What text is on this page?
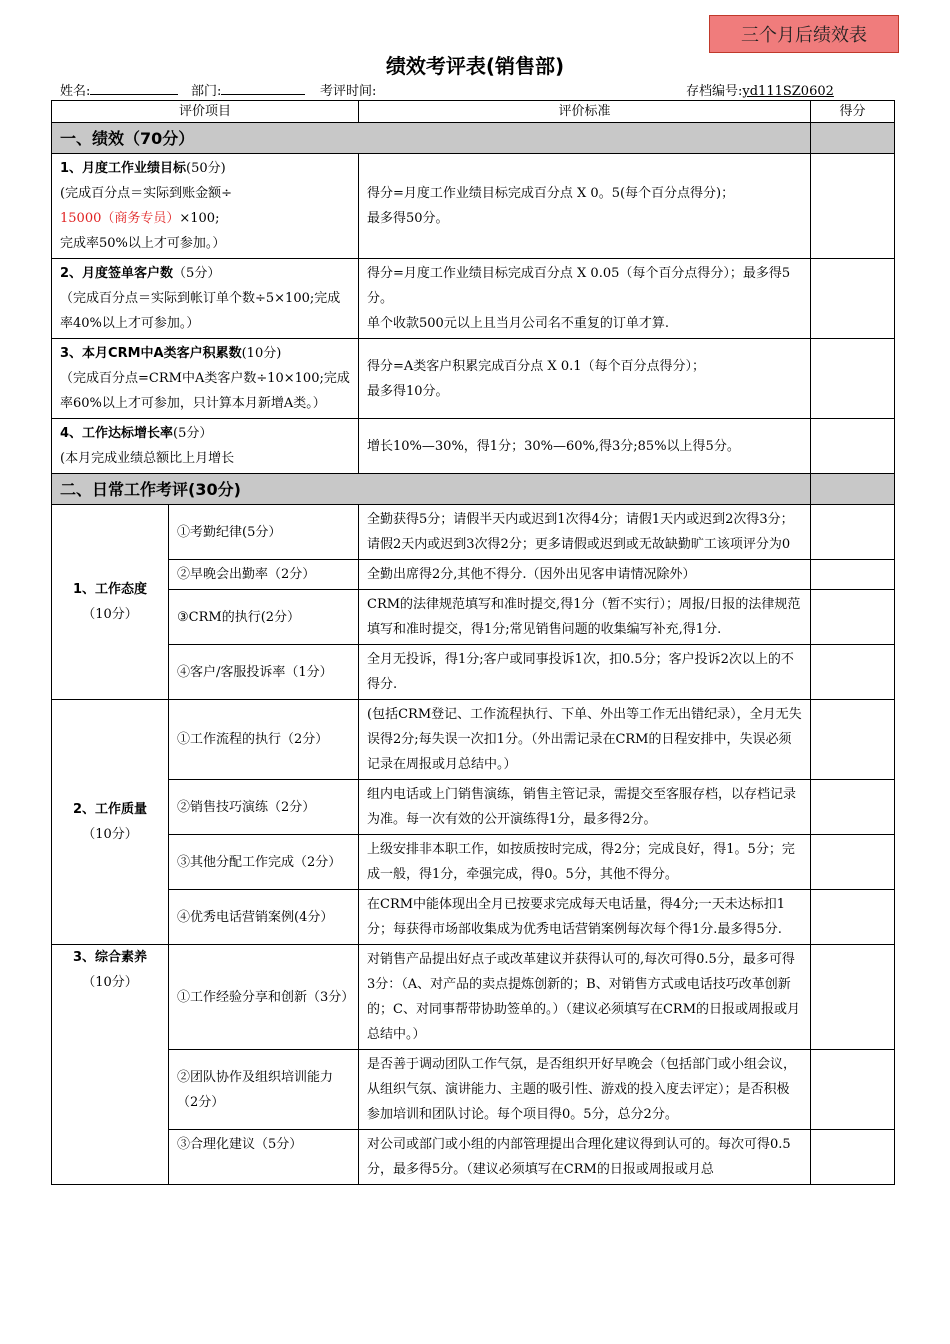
三个月后绩效表
绩效考评表(销售部)
姓名:	部门:	考评时间:	存档编号:yd111SZ0602
评价项目		评价标准	得分
一、绩效（70分）			
1、月度工作业绩目标(50分)
(完成百分点＝实际到账金额÷15000（商务专员）×100;
完成率50%以上才可参加。）		得分=月度工作业绩目标完成百分点 X 0。5(每个百分点得分)；
最多得50分。	
2、月度签单客户数（5分）
（完成百分点＝实际到帐订单个数÷5×100;完成率40%以上才可参加。）		得分=月度工作业绩目标完成百分点 X 0.05（每个百分点得分）；最多得5分。
单个收款500元以上且当月公司名不重复的订单才算.	
3、本月CRM中A类客户积累数(10分)
（完成百分点=CRM中A类客户数÷10×100;完成率60%以上才可参加，只计算本月新增A类。）		得分=A类客户积累完成百分点 X 0.1（每个百分点得分）；
最多得10分。	
4、工作达标增长率(5分）
(本月完成业绩总额比上月增长		增长10%—30%，得1分；30%—60%,得3分;85%以上得5分。	
二、日常工作考评(30分)			
1、工作态度
（10分）	①考勤纪律(5分）	全勤获得5分；请假半天内或迟到1次得4分；请假1天内或迟到2次得3分；请假2天内或迟到3次得2分；更多请假或迟到或无故缺勤旷工该项评分为0	
	②早晚会出勤率（2分）	全勤出席得2分,其他不得分.（因外出见客申请情况除外）	
	③CRM的执行(2分）	CRM的法律规范填写和准时提交,得1分（暂不实行）；周报/日报的法律规范填写和准时提交，得1分;常见销售问题的收集编写补充,得1分.	
	④客户/客服投诉率（1分）	全月无投诉，得1分;客户或同事投诉1次，扣0.5分；客户投诉2次以上的不得分.	
2、工作质量
（10分）	①工作流程的执行（2分）	(包括CRM登记、工作流程执行、下单、外出等工作无出错纪录），全月无失误得2分;每失误一次扣1分。（外出需记录在CRM的日程安排中，失误必须记录在周报或月总结中。）	
	②销售技巧演练（2分）	组内电话或上门销售演练，销售主管记录，需提交至客服存档，以存档记录为准。每一次有效的公开演练得1分，最多得2分。	
	③其他分配工作完成（2分）	上级安排非本职工作，如按质按时完成，得2分；完成良好，得1。5分；完成一般，得1分，牵强完成，得0。5分，其他不得分。	
	④优秀电话营销案例(4分）	在CRM中能体现出全月已按要求完成每天电话量，得4分;一天未达标扣1分；每获得市场部收集成为优秀电话营销案例每次每个得1分.最多得5分.	
3、综合素养
（10分）	①工作经验分享和创新（3分）	对销售产品提出好点子或改革建议并获得认可的,每次可得0.5分，最多可得3分：（A、对产品的卖点提炼创新的；B、对销售方式或电话技巧改革创新的；C、对同事帮带协助签单的。）（建议必须填写在CRM的日报或周报或月总结中。）	
	②团队协作及组织培训能力（2分）	是否善于调动团队工作气氛，是否组织开好早晚会（包括部门或小组会议，从组织气氛、演讲能力、主题的吸引性、游戏的投入度去评定）；是否积极参加培训和团队讨论。每个项目得0。5分，总分2分。	
	③合理化建议（5分）	对公司或部门或小组的内部管理提出合理化建议得到认可的。每次可得0.5分，最多得5分。（建议必须填写在CRM的日报或周报或月总	
